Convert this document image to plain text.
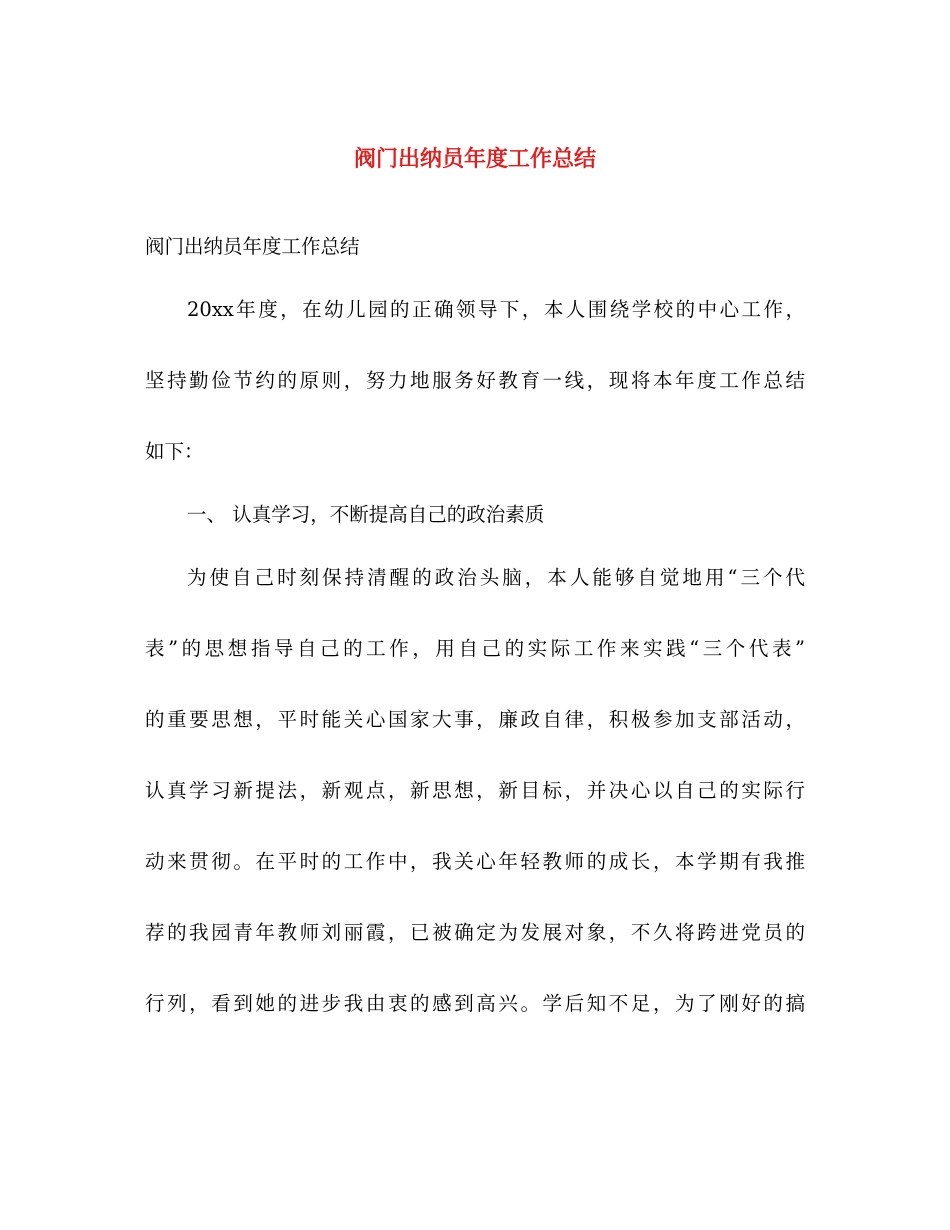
阀门出纳员年度工作总结

阀门出纳员年度工作总结

20xx年度，在幼儿园的正确领导下，本人围绕学校的中心工作，

坚持勤俭节约的原则，努力地服务好教育一线，现将本年度工作总结

如下：

一、 认真学习，不断提高自己的政治素质

为使自己时刻保持清醒的政治头脑，本人能够自觉地用“三个代

表”的思想指导自己的工作，用自己的实际工作来实践“三个代表”

的重要思想，平时能关心国家大事，廉政自律，积极参加支部活动，

认真学习新提法，新观点，新思想，新目标，并决心以自己的实际行

动来贯彻。在平时的工作中，我关心年轻教师的成长，本学期有我推

荐的我园青年教师刘丽霞，已被确定为发展对象，不久将跨进党员的

行列，看到她的进步我由衷的感到高兴。学后知不足，为了刚好的搞
